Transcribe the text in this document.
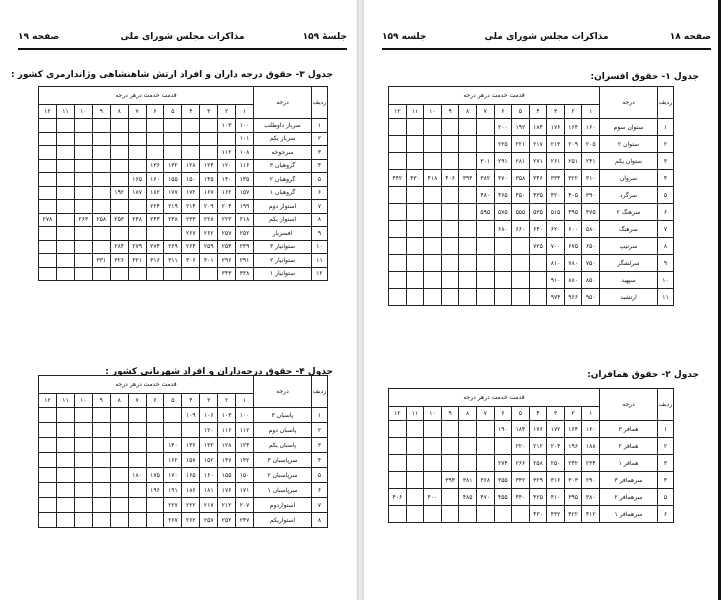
صفحه ۱۹	مذاکرات مجلس شورای ملی	جلسهٔ ۱۵۹
جدول ۳- حقوق درجه داران و افراد ارتش شاهنشاهی وژاندارمری کشور :
ردیف	درجه	قدمت خدمت درهر درجه											
		۱	۲	۳	۴	۵	۶	۷	۸	۹	۱۰	۱۱	۱۲
۱	سرباز داوطلب	۱۰۰	۱۰۳										
۲	سرباز یکم	۱۰۱											
۳	سرجوخه	۱۰۸	۱۱۲										
۴	گروهبان ۳	۱۱۶	۱۲۰	۱۲۴	۱۲۸	۱۳۲	۱۳۶						
۵	گروهبان ۲	۱۳۵	۱۴۰	۱۴۵	۱۵۰	۱۵۵	۱۶۰	۱۶۵					
۶	گروهبان ۱	۱۵۷	۱۶۲	۱۶۷	۱۷۲	۱۷۷	۱۸۲	۱۸۷	۱۹۲				
۷	استوار دوم	۱۹۹	۲۰۴	۲۰۹	۲۱۴	۲۱۹	۲۲۴						
۸	استوار یکم	۲۱۸	۲۲۳	۲۲۸	۲۳۳	۲۳۸	۲۴۳	۲۴۸	۲۵۳	۲۵۸	۲۶۳		۲۷۸
۹	افسریار	۲۵۲	۲۵۷	۲۶۲	۲۶۷								
۱۰	ستوانیار ۳	۲۴۹	۲۵۴	۲۵۹	۲۶۴	۲۶۹	۲۷۴	۲۷۹	۲۸۴				
۱۱	ستوانیار ۲	۲۹۱	۲۹۶	۳۰۱	۳۰۶	۳۱۱	۳۱۶	۳۲۱	۳۲۶	۳۳۱			
۱۲	ستوانیار ۱	۳۳۸	۳۴۳										
جدول ۴- حقوق درجه‌داران و افراد شهربانی کشور :
ردیف	درجه	قدمت خدمت درهر درجه											
		۱	۲	۳	۴	۵	۶	۷	۸	۹	۱۰	۱۱	۱۲
۱	پاسبان ۳	۱۰۰	۱۰۳	۱۰۶	۱۰۹								
۲	پاسبان دوم	۱۱۲	۱۱۶	۱۲۰									
۳	پاسبان یکم	۱۲۴	۱۲۸	۱۳۲	۱۳۶	۱۴۰							
۴	سرپاسبان ۳	۱۴۲	۱۴۷	۱۵۲	۱۵۷	۱۶۲							
۵	سرپاسبان ۲	۱۵۰	۱۵۵	۱۶۰	۱۶۵	۱۷۰	۱۷۵	۱۸۰					
۶	سرپاسبان ۱	۱۷۱	۱۷۶	۱۸۱	۱۸۶	۱۹۱	۱۹۶						
۷	استواردوم	۲۰۷	۲۱۲	۲۱۷	۲۲۲	۲۲۷							
۸	استواریکم	۲۴۷	۲۵۲	۲۵۷	۲۶۲	۲۶۷							
جلسه ۱۵۹	مذاکرات مجلس شورای ملی	صفحه ۱۸
جدول ۱- حقوق افسران:
ردیف	درجه	قدمت خدمت درهر درجه											
		۱	۲	۳	۴	۵	۶	۷	۸	۹	۱۰	۱۱	۱۲
۱	ستوان سوم	۱۶۰	۱۶۴	۱۷۶	۱۸۴	۱۹۲	۲۰۰						
۲	ستوان ۲	۲۰۵	۲۰۹	۲۱۳	۲۱۷	۲۲۱	۲۲۵						
۳	ستوان یکم	۲۴۱	۲۵۱	۲۶۱	۲۷۱	۲۸۱	۲۹۱	۳۰۱					
۴	سروان	۳۱۰	۳۲۲	۳۳۴	۳۴۶	۳۵۸	۳۷۰	۳۸۲	۳۹۴	۴۰۶	۴۱۸	۴۳۰	۴۴۲
۵	سرگرد	۳۹۰	۴۰۵	۴۲۰	۴۳۵	۴۵۰	۴۶۵	۴۸۰					
۶	سرهنگ ۲	۴۷۵	۴۹۵	۵۱۵	۵۳۵	۵۵۵	۵۷۵	۵۹۵					
۷	سرهنگ	۵۸۰	۶۰۰	۶۲۰	۶۴۰	۶۶۰	۶۸۰						
۸	سرتیپ	۶۵۰	۶۷۵	۷۰۰	۷۲۵								
۹	سرلشگر	۷۵۰	۷۸۰	۸۱۰									
۱۰	سپهبد	۸۵۰	۸۸۰	۹۱۰									
۱۱	ارتشبد	۹۵۰	۹۶۶	۹۷۴									
جدول ۲- حقوق همافران:
ردیف	درجه	قدمت خدمت درهر درجه											
		۱	۲	۳	۴	۵	۶	۷	۸	۹	۱۰	۱۱	۱۲
۱	همافر ۳	۱۶۰	۱۶۴	۱۷۲	۱۷۶	۱۸۴	۱۹۰						
۲	همافر ۲	۱۸۸	۱۹۶	۲۰۴	۲۱۲	۲۲۰							
۳	همافر ۱	۲۳۴	۲۴۲	۲۵۰	۲۵۸	۲۶۶	۲۷۴						
۴	سرهمافر ۳	۲۹۰	۳۰۳	۳۱۶	۳۲۹	۳۴۲	۳۵۵	۳۶۸	۳۸۱	۳۹۴			
۵	سرهمافر ۲	۳۸۰	۳۹۵	۴۱۰	۴۲۵	۴۴۰	۴۵۵	۴۷۰	۴۸۵		۴۰۰		۴۰۶
۶	سرهمافر ۱	۴۱۲	۴۲۲	۴۳۲	۴۳۰								
